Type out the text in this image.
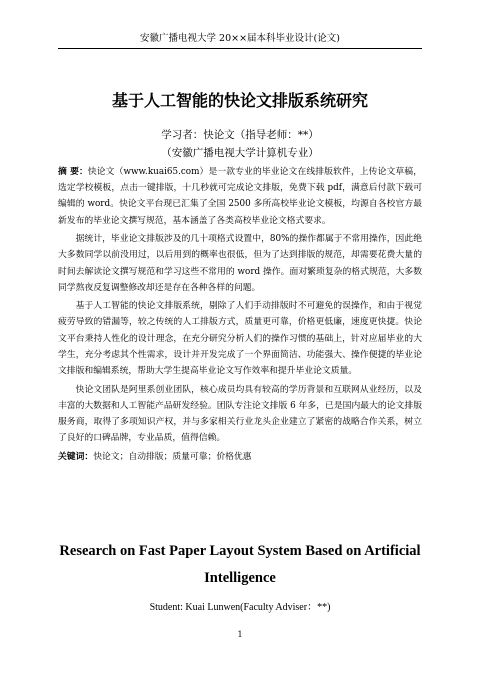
安徽广播电视大学 20××届本科毕业设计(论文)
基于人工智能的快论文排版系统研究
学习者：快论文（指导老师：**）
（安徽广播电视大学计算机专业）

摘 要：快论文（www.kuai65.com）是一款专业的毕业论文在线排版软件，上传论文草稿，选定学校模板，点击一键排版，十几秒就可完成论文排版，免费下载 pdf，满意后付款下载可编辑的 word。快论文平台现已汇集了全国 2500 多所高校毕业论文模板，均源自各校官方最新发布的毕业论文撰写规范，基本涵盖了各类高校毕业论文格式要求。

据统计，毕业论文排版涉及的几十项格式设置中，80%的操作都属于不常用操作，因此绝大多数同学以前没用过，以后用到的概率也很低，但为了达到排版的规范，却需要花费大量的时间去解读论文撰写规范和学习这些不常用的 word 操作。面对繁琐复杂的格式规范，大多数同学熬夜反复调整修改却还是存在各种各样的问题。

基于人工智能的快论文排版系统，剔除了人们手动排版时不可避免的误操作，和由于视觉疲劳导致的错漏等，较之传统的人工排版方式，质量更可靠，价格更低廉，速度更快捷。快论文平台秉持人性化的设计理念，在充分研究分析人们的操作习惯的基础上，针对应届毕业的大学生，充分考虑其个性需求，设计并开发完成了一个界面简洁、功能强大、操作便捷的毕业论文排版和编辑系统，帮助大学生提高毕业论文写作效率和提升毕业论文质量。

快论文团队是阿里系创业团队，核心成员均具有较高的学历背景和互联网从业经历，以及丰富的大数据和人工智能产品研发经验。团队专注论文排版 6 年多，已是国内最大的论文排版服务商，取得了多项知识产权，并与多家相关行业龙头企业建立了紧密的战略合作关系，树立了良好的口碑品牌，专业品质，值得信赖。

关键词：快论文；自动排版；质量可靠；价格优惠

Research on Fast Paper Layout System Based on Artificial Intelligence
Student: Kuai Lunwen(Faculty Adviser：**)
1
